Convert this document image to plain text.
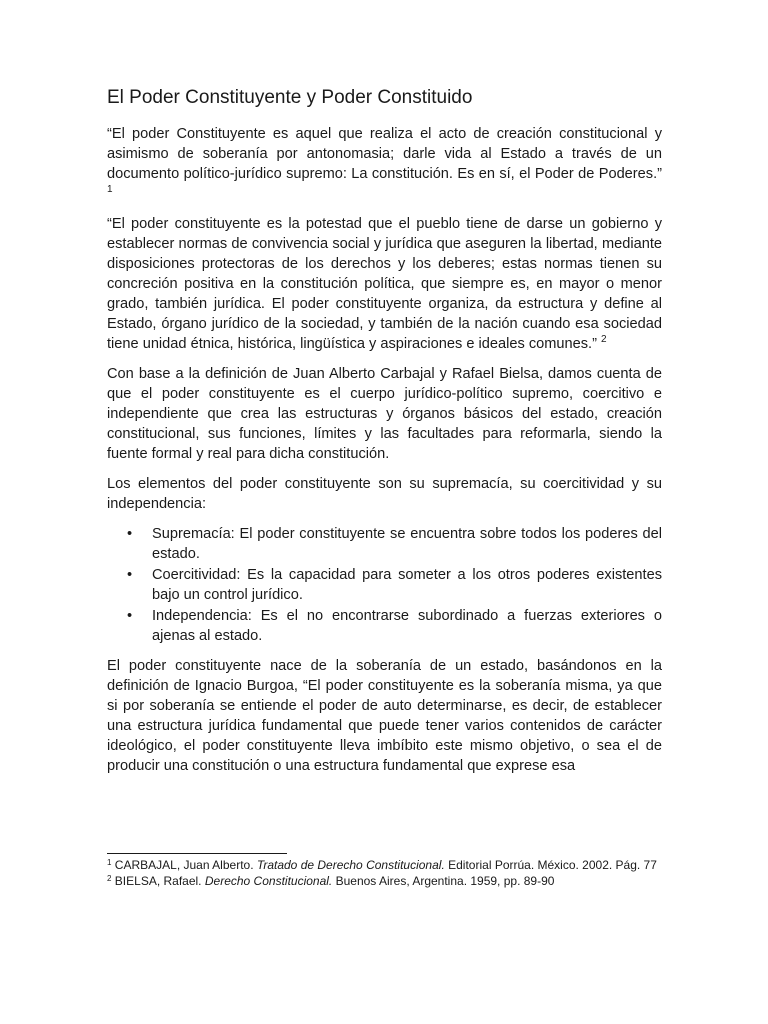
El Poder Constituyente y Poder Constituido

“El poder Constituyente es aquel que realiza el acto de creación constitucional y asimismo de soberanía por antonomasia; darle vida al Estado a través de un documento político-jurídico supremo: La constitución. Es en sí, el Poder de Poderes.” $^1$

“El poder constituyente es la potestad que el pueblo tiene de darse un gobierno y establecer normas de convivencia social y jurídica que aseguren la libertad, mediante disposiciones protectoras de los derechos y los deberes; estas normas tienen su concreción positiva en la constitución política, que siempre es, en mayor o menor grado, también jurídica. El poder constituyente organiza, da estructura y define al Estado, órgano jurídico de la sociedad, y también de la nación cuando esa sociedad tiene unidad étnica, histórica, lingüística y aspiraciones e ideales comunes.” $^2$

Con base a la definición de Juan Alberto Carbajal y Rafael Bielsa, damos cuenta de que el poder constituyente es el cuerpo jurídico-político supremo, coercitivo e independiente que crea las estructuras y órganos básicos del estado, creación constitucional, sus funciones, límites y las facultades para reformarla, siendo la fuente formal y real para dicha constitución.

Los elementos del poder constituyente son su supremacía, su coercitividad y su independencia:

• Supremacía: El poder constituyente se encuentra sobre todos los poderes del estado.
• Coercitividad: Es la capacidad para someter a los otros poderes existentes bajo un control jurídico.
• Independencia: Es el no encontrarse subordinado a fuerzas exteriores o ajenas al estado.

El poder constituyente nace de la soberanía de un estado, basándonos en la definición de Ignacio Burgoa, “El poder constituyente es la soberanía misma, ya que si por soberanía se entiende el poder de auto determinarse, es decir, de establecer una estructura jurídica fundamental que puede tener varios contenidos de carácter ideológico, el poder constituyente lleva imbíbito este mismo objetivo, o sea el de producir una constitución o una estructura fundamental que exprese esa

$^1$ CARBAJAL, Juan Alberto. Tratado de Derecho Constitucional. Editorial Porrúa. México. 2002. Pág. 77
$^2$ BIELSA, Rafael. Derecho Constitucional. Buenos Aires, Argentina. 1959, pp. 89-90
